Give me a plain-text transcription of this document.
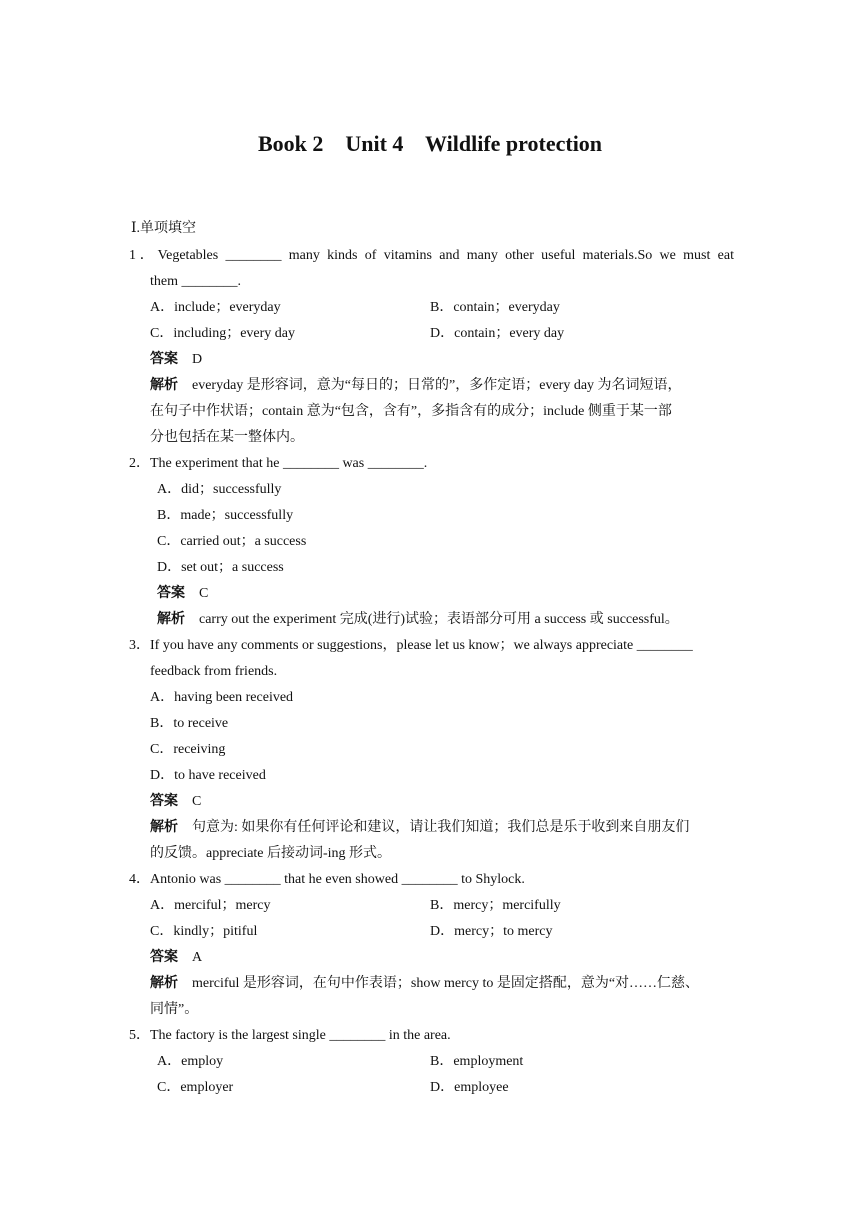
Book 2    Unit 4    Wildlife protection
Ⅰ.单项填空
1．Vegetables ________ many kinds of vitamins and many other useful materials.So we must eat
them ________.
A．include；everyday	B．contain；everyday
C．including；every day	D．contain；every day
答案 D
解析 everyday 是形容词，意为“每日的；日常的”，多作定语；every day 为名词短语，
在句子中作状语；contain 意为“包含，含有”，多指含有的成分；include 侧重于某一部
分也包括在某一整体内。
2．The experiment that he ________ was ________.
A．did；successfully
B．made；successfully
C．carried out；a success
D．set out；a success
答案 C
解析 carry out the experiment 完成(进行)试验；表语部分可用 a success 或 successful。
3．If you have any comments or suggestions，please let us know；we always appreciate ________
feedback from friends.
A．having been received
B．to receive
C．receiving
D．to have received
答案 C
解析 句意为: 如果你有任何评论和建议，请让我们知道；我们总是乐于收到来自朋友们
的反馈。appreciate 后接动词-ing 形式。
4．Antonio was ________ that he even showed ________ to Shylock.
A．merciful；mercy	B．mercy；mercifully
C．kindly；pitiful	D．mercy；to mercy
答案 A
解析 merciful 是形容词，在句中作表语；show mercy to 是固定搭配，意为“对……仁慈、
同情”。
5．The factory is the largest single ________ in the area.
A．employ	B．employment
C．employer	D．employee
